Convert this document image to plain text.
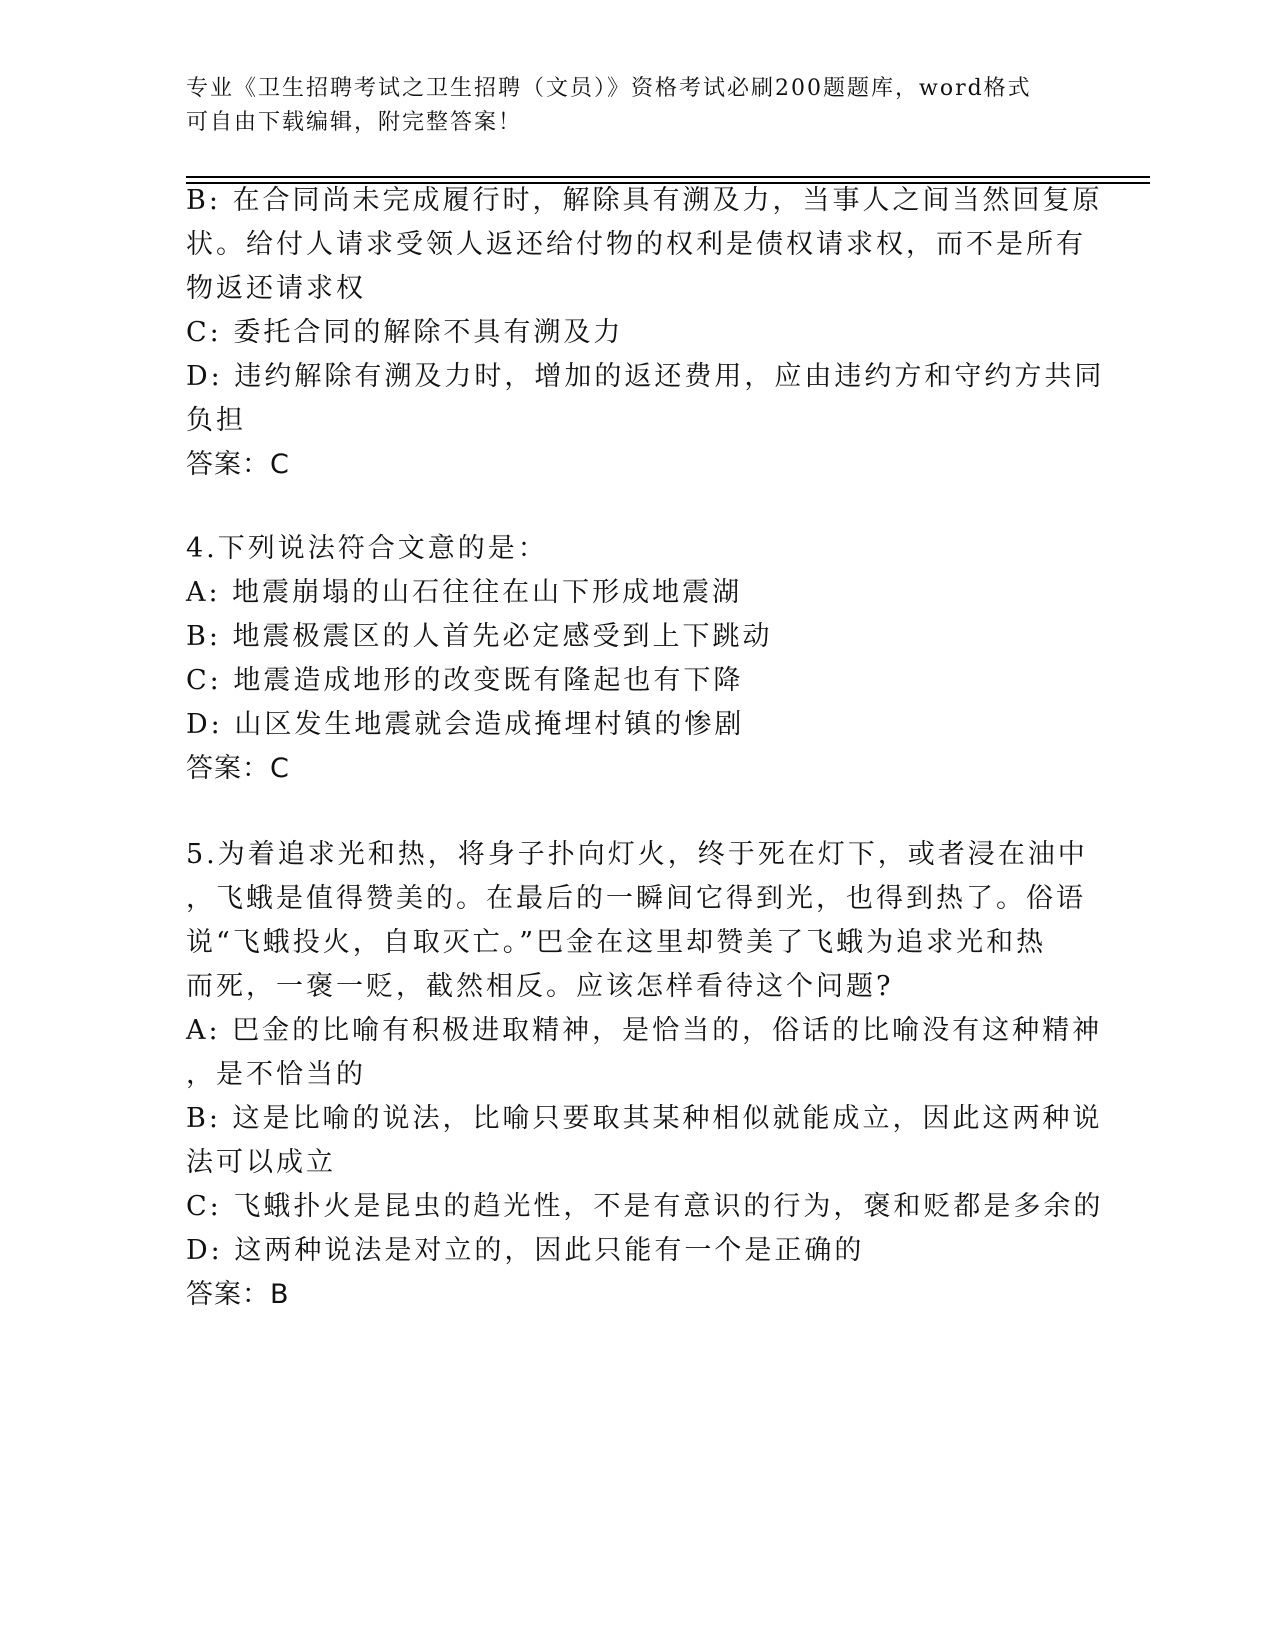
专业《卫生招聘考试之卫生招聘（文员）》资格考试必刷200题题库，word格式
可自由下载编辑，附完整答案！
B: 在合同尚未完成履行时，解除具有溯及力，当事人之间当然回复原
状。给付人请求受领人返还给付物的权利是债权请求权，而不是所有
物返还请求权
C: 委托合同的解除不具有溯及力
D: 违约解除有溯及力时，增加的返还费用，应由违约方和守约方共同
负担
答案：C
4.下列说法符合文意的是：
A: 地震崩塌的山石往往在山下形成地震湖
B: 地震极震区的人首先必定感受到上下跳动
C: 地震造成地形的改变既有隆起也有下降
D: 山区发生地震就会造成掩埋村镇的惨剧
答案：C
5.为着追求光和热，将身子扑向灯火，终于死在灯下，或者浸在油中
，飞蛾是值得赞美的。在最后的一瞬间它得到光，也得到热了。俗语
说“飞蛾投火，自取灭亡。”巴金在这里却赞美了飞蛾为追求光和热
而死，一褒一贬，截然相反。应该怎样看待这个问题?
A: 巴金的比喻有积极进取精神，是恰当的，俗话的比喻没有这种精神
，是不恰当的
B: 这是比喻的说法，比喻只要取其某种相似就能成立，因此这两种说
法可以成立
C: 飞蛾扑火是昆虫的趋光性，不是有意识的行为，褒和贬都是多余的
D: 这两种说法是对立的，因此只能有一个是正确的
答案：B
